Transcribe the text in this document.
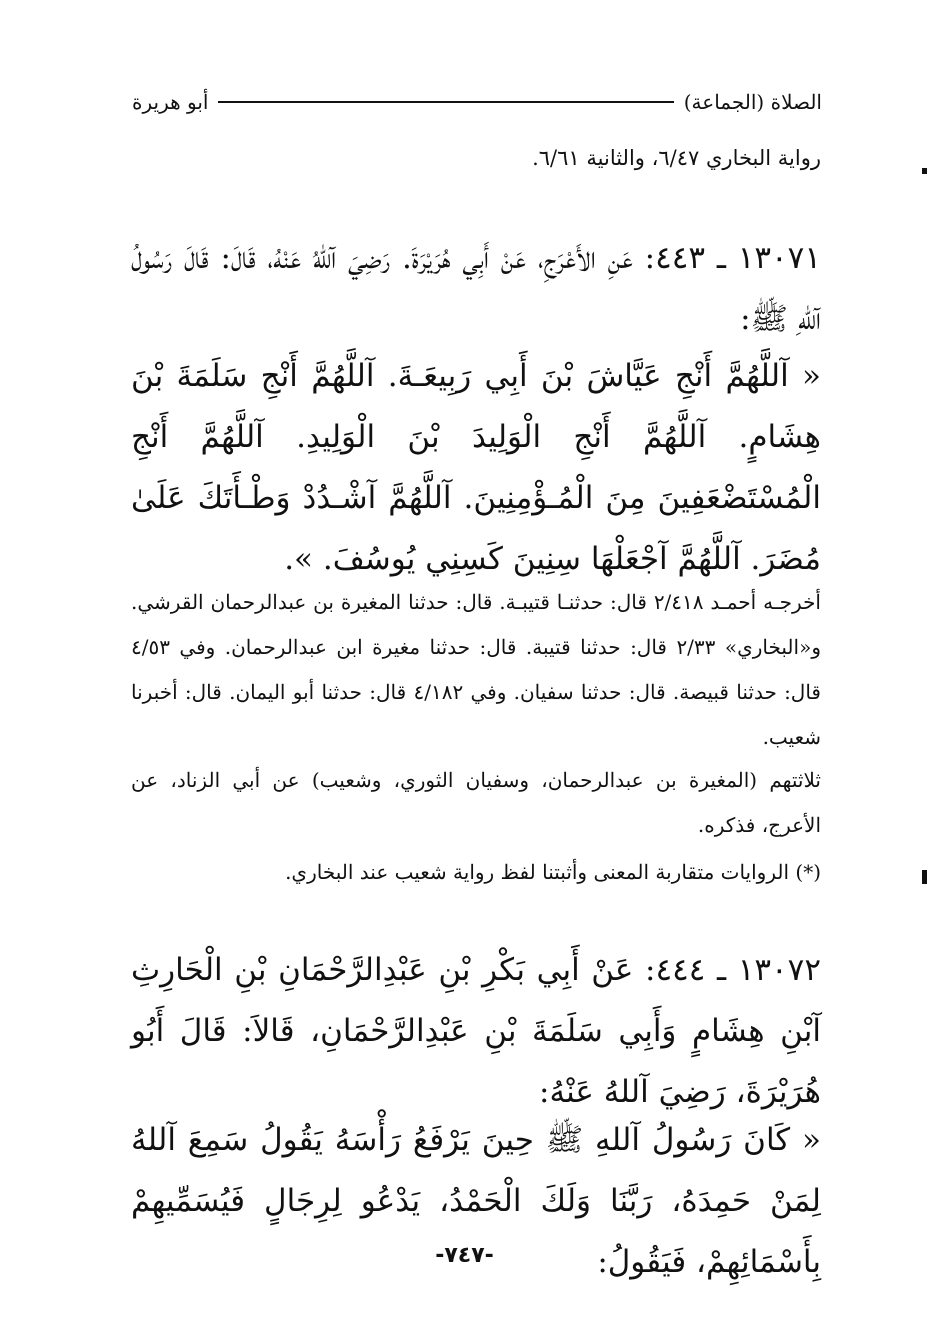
الصلاة (الجماعة)
أبو هريرة
رواية البخاري ٦/٤٧، والثانية ٦/٦١.
١٣٠٧١ ـ ٤٤٣: عَنِ الأَعْرَجِ، عَنْ أَبِي هُرَيْرَةَ. رَضِيَ آللهُ عَنْهُ، قَالَ: قَالَ رَسُولُ آللهِ ﷺ:
« آللَّهُمَّ أَنْجِ عَيَّاشَ بْنَ أَبِي رَبِيعَـةَ. آللَّهُمَّ أَنْجِ سَلَمَةَ بْنَ هِشَامٍ. آللَّهُمَّ أَنْجِ الْوَلِيدَ بْنَ الْوَلِيدِ. آللَّهُمَّ أَنْجِ الْمُسْتَضْعَفِينَ مِنَ الْمُـؤْمِنِينَ. آللَّهُمَّ آشْـدُدْ وَطْـأَتَكَ عَلَىٰ مُضَرَ. آللَّهُمَّ آجْعَلْهَا سِنِينَ كَسِنِي يُوسُفَ. ».
أخرجـه أحمـد ٢/٤١٨ قال: حدثنـا قتيبـة. قال: حدثنا المغيرة بن عبدالرحمان القرشي. و«البخاري» ٢/٣٣ قال: حدثنا قتيبة. قال: حدثنا مغيرة ابن عبدالرحمان. وفي ٤/٥٣ قال: حدثنا قبيصة. قال: حدثنا سفيان. وفي ٤/١٨٢ قال: حدثنا أبو اليمان. قال: أخبرنا شعيب.
ثلاثتهم (المغيرة بن عبدالرحمان، وسفيان الثوري، وشعيب) عن أبي الزناد، عن الأعرج، فذكره.
(*) الروايات متقاربة المعنى وأثبتنا لفظ رواية شعيب عند البخاري.
١٣٠٧٢ ـ ٤٤٤: عَنْ أَبِي بَكْرِ بْنِ عَبْدِالرَّحْمَانِ بْنِ الْحَارِثِ آبْنِ هِشَامٍ وَأَبِي سَلَمَةَ بْنِ عَبْدِالرَّحْمَانِ، قَالاَ: قَالَ أَبُو هُرَيْرَةَ، رَضِيَ آللهُ عَنْهُ:
« كَانَ رَسُولُ آللهِ ﷺ حِينَ يَرْفَعُ رَأْسَهُ يَقُولُ سَمِعَ آللهُ لِمَنْ حَمِدَهُ، رَبَّنَا وَلَكَ الْحَمْدُ، يَدْعُو لِرِجَالٍ فَيُسَمِّيهِمْ بِأَسْمَائِهِمْ، فَيَقُولُ:
-٧٤٧-
